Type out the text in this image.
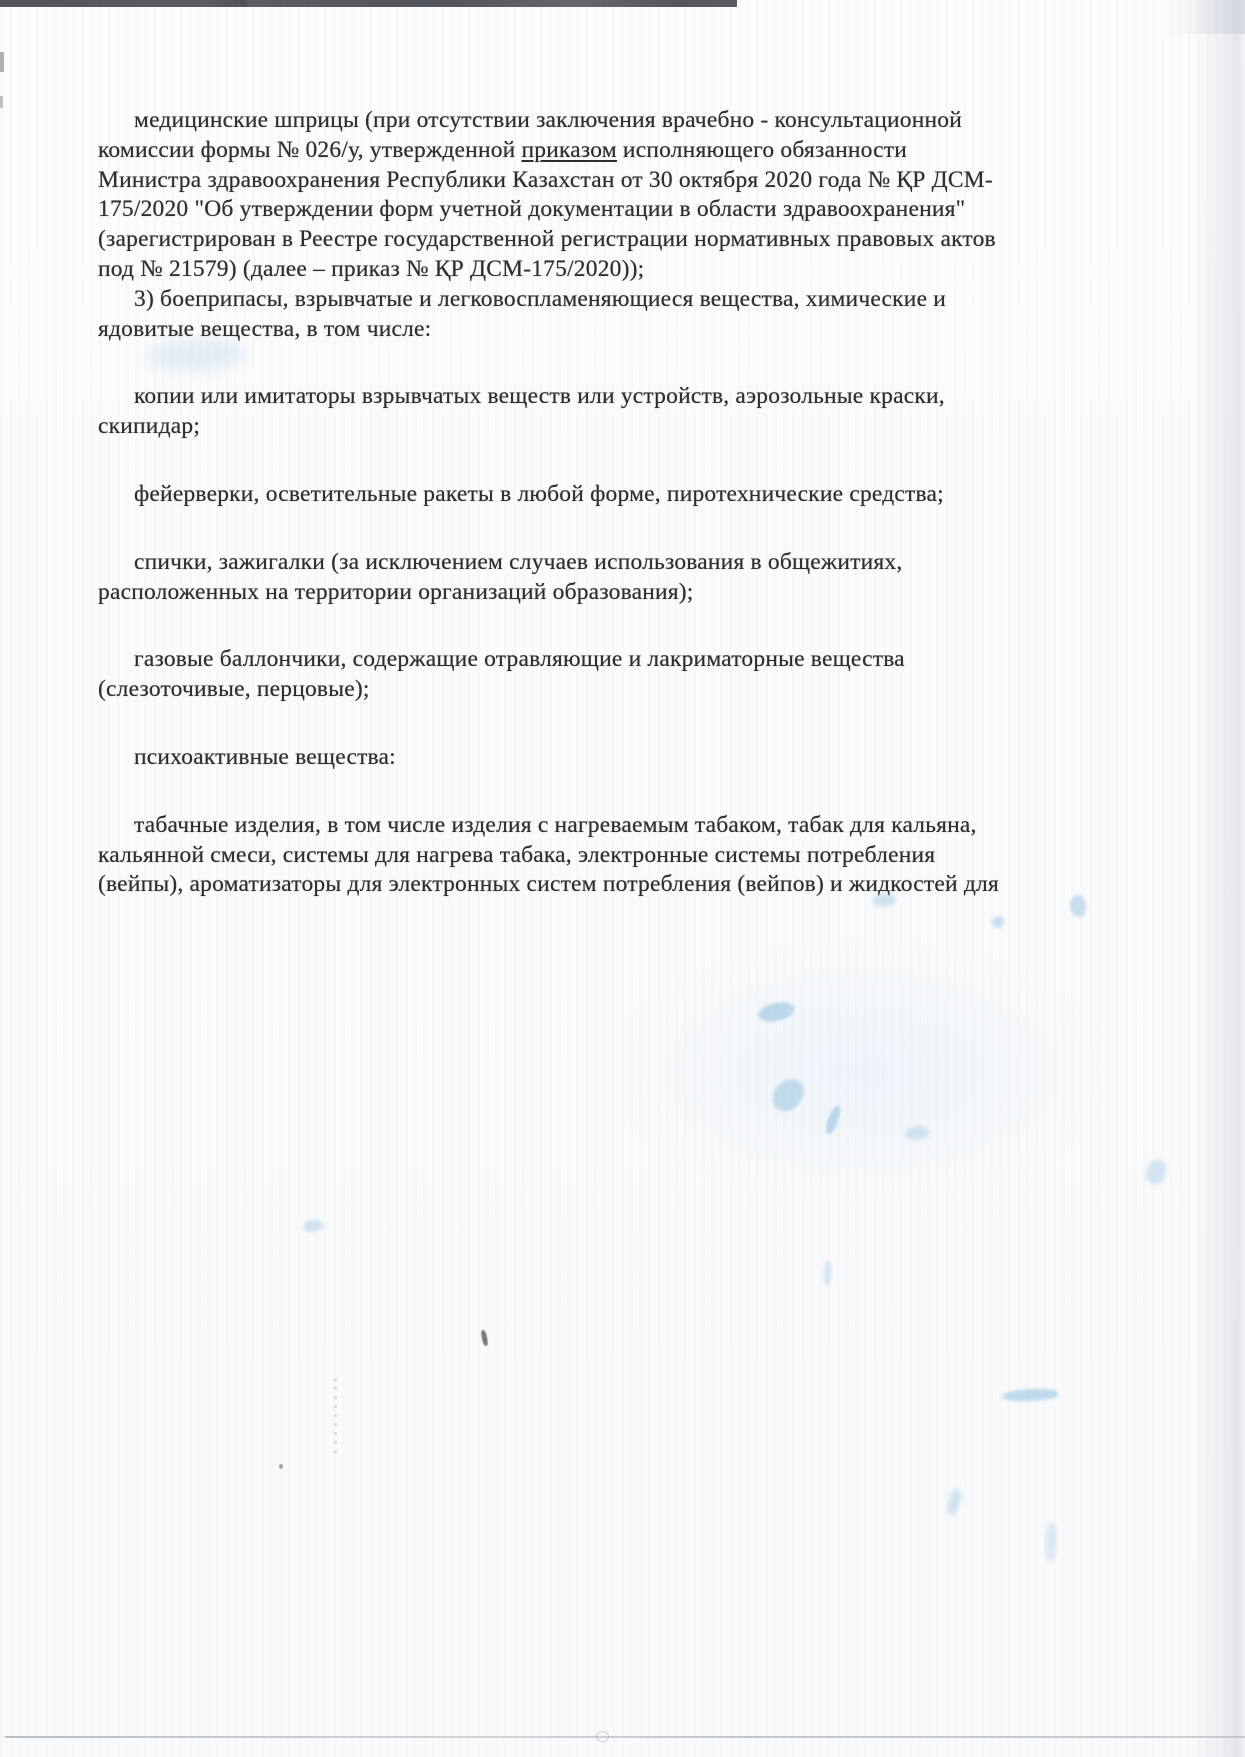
медицинские шприцы (при отсутствии заключения врачебно - консультационной
комиссии формы № 026/у, утвержденной приказом исполняющего обязанности
Министра здравоохранения Республики Казахстан от 30 октября 2020 года № ҚР ДСМ-
175/2020 "Об утверждении форм учетной документации в области здравоохранения"
(зарегистрирован в Реестре государственной регистрации нормативных правовых актов
под № 21579) (далее – приказ № ҚР ДСМ-175/2020));
3) боеприпасы, взрывчатые и легковоспламеняющиеся вещества, химические и
ядовитые вещества, в том числе:
копии или имитаторы взрывчатых веществ или устройств, аэрозольные краски,
скипидар;
фейерверки, осветительные ракеты в любой форме, пиротехнические средства;
спички, зажигалки (за исключением случаев использования в общежитиях,
расположенных на территории организаций образования);
газовые баллончики, содержащие отравляющие и лакриматорные вещества
(слезоточивые, перцовые);
психоактивные вещества:
табачные изделия, в том числе изделия с нагреваемым табаком, табак для кальяна,
кальянной смеси, системы для нагрева табака, электронные системы потребления
(вейпы), ароматизаторы для электронных систем потребления (вейпов) и жидкостей для
